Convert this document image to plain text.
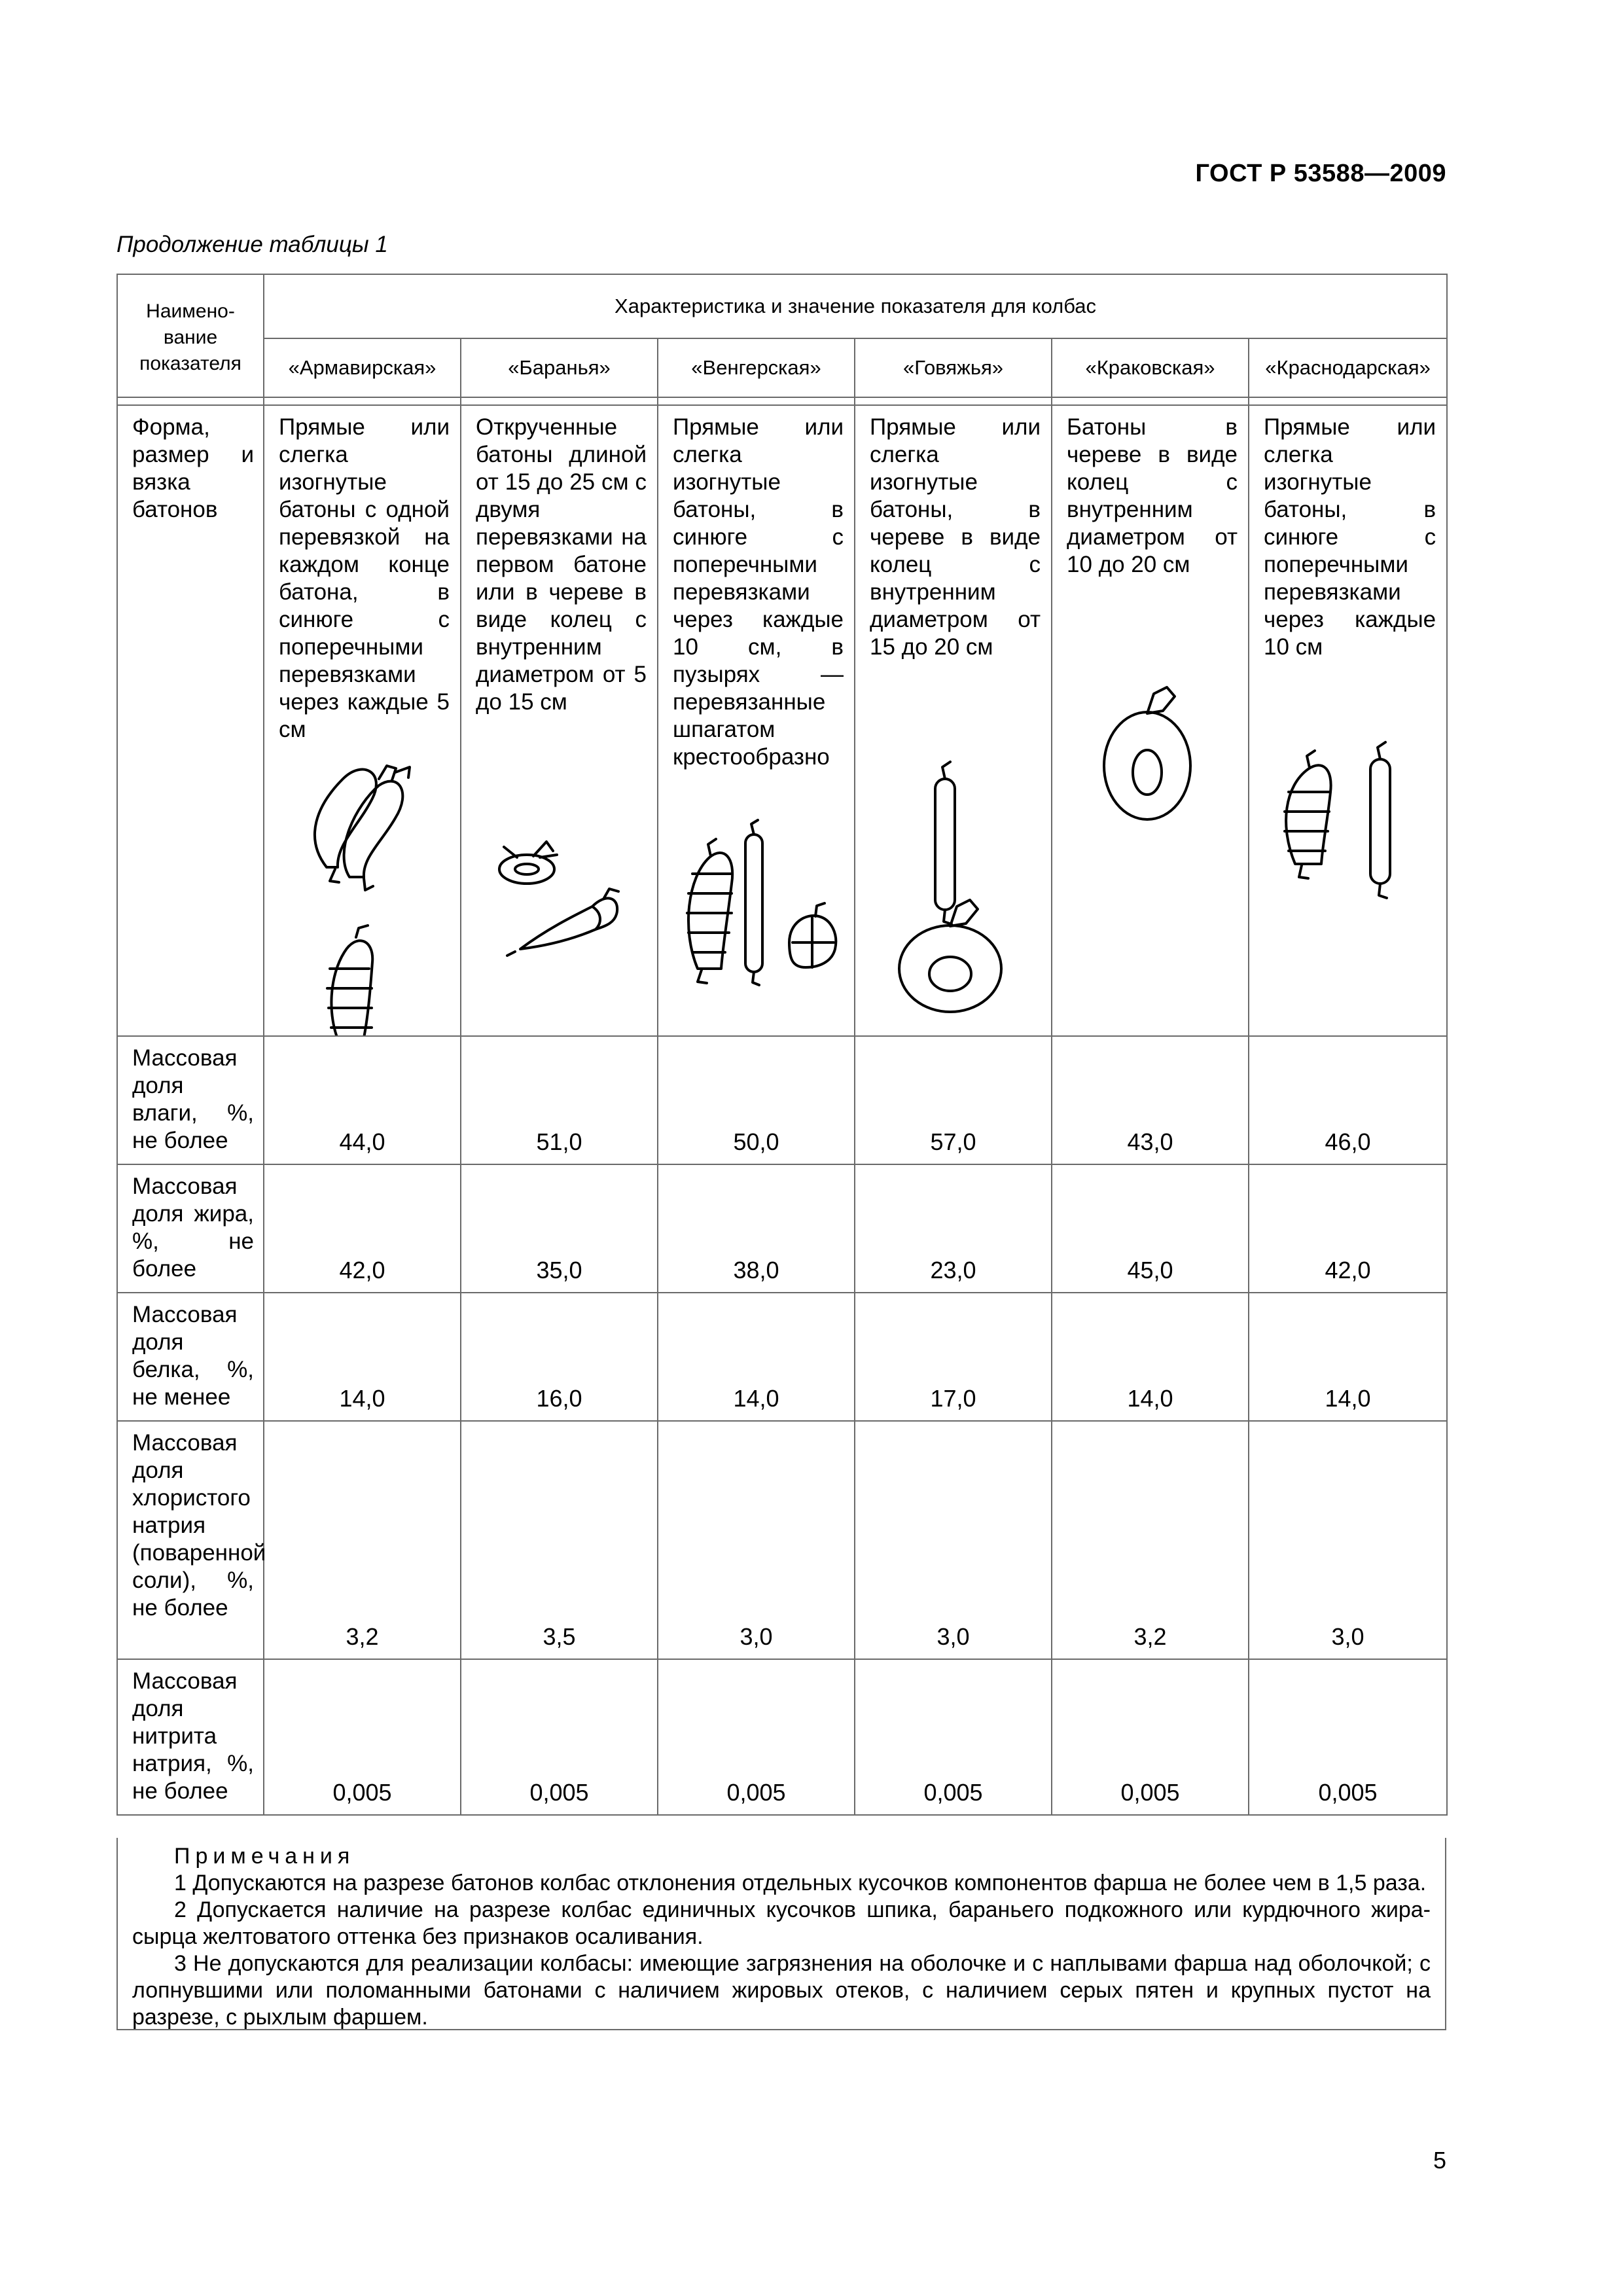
ГОСТ Р 53588—2009
Продолжение таблицы 1
Наимено-
вание
показателя	Характеристика и значение показателя для колбас					
	«Армавирская»	«Баранья»	«Венгерская»	«Говяжья»	«Краковская»	«Краснодарская»

Форма, размер и вязка батонов	Прямые или слегка изогнутые батоны с одной перевязкой на каждом конце батона, в синюге с поперечными перевязками через каждые 5 см	Открученные батоны длиной от 15 до 25 см с двумя перевязками на первом батоне или в череве в виде колец с внутренним диаметром от 5 до 15 см	Прямые или слегка изогнутые батоны, в синюге с поперечными перевязками через каждые 10 см, в пузырях — перевязанные шпагатом крестообразно	Прямые или слегка изогнутые батоны, в череве в виде колец с внутренним диаметром от 15 до 20 см	Батоны в череве в виде колец с внутренним диаметром от 10 до 20 см	Прямые или слегка изогнутые батоны, в синюге с поперечными перевязками через каждые 10 см

Массовая доля влаги, %, не более	44,0	51,0	50,0	57,0	43,0	46,0
Массовая доля жира, %, не более	42,0	35,0	38,0	23,0	45,0	42,0
Массовая доля белка, %, не менее	14,0	16,0	14,0	17,0	14,0	14,0
Массовая доля хлористого натрия (поваренной соли), %, не более	3,2	3,5	3,0	3,0	3,2	3,0
Массовая доля нитрита натрия, %, не более	0,005	0,005	0,005	0,005	0,005	0,005
Примечания

1 Допускаются на разрезе батонов колбас отклонения отдельных кусочков компонентов фарша не более чем в 1,5 раза.

2 Допускается наличие на разрезе колбас единичных кусочков шпика, бараньего подкожного или курдючного жира-сырца желтоватого оттенка без признаков осаливания.

3 Не допускаются для реализации колбасы: имеющие загрязнения на оболочке и с наплывами фарша над оболочкой; с лопнувшими или поломанными батонами с наличием жировых отеков, с наличием серых пятен и крупных пустот на разрезе, с рыхлым фаршем.

5
